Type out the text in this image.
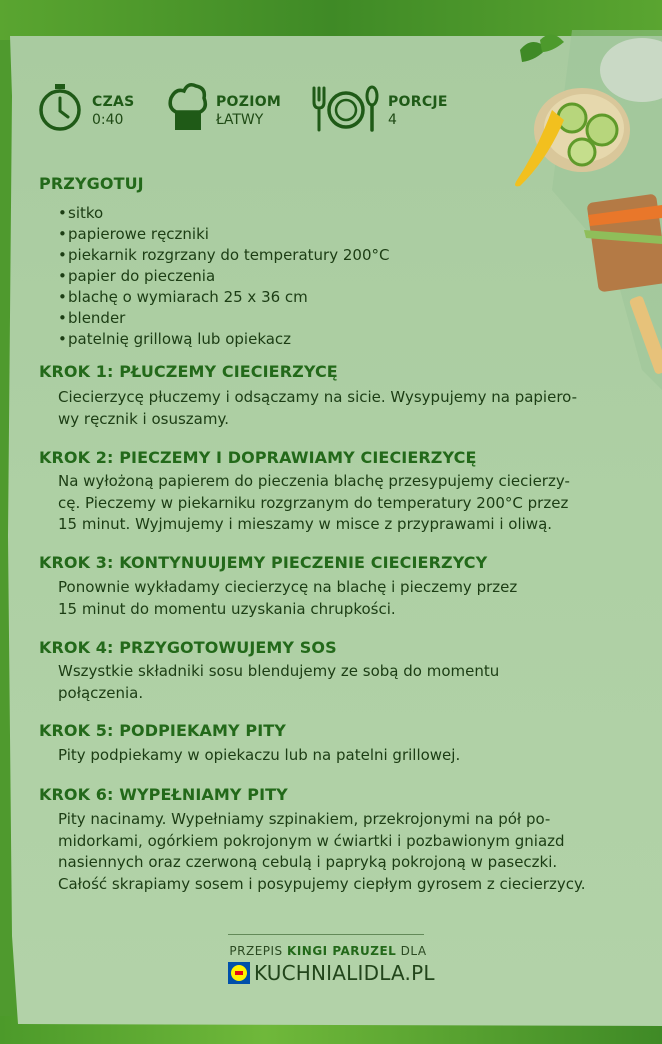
CZAS
0:40
POZIOM
ŁATWY
PORCJE
4
PRZYGOTUJ
•sitko
•papierowe ręczniki
•piekarnik rozgrzany do temperatury 200°C
•papier do pieczenia
•blachę o wymiarach 25 x 36 cm
•blender
•patelnię grillową lub opiekacz
KROK 1: PŁUCZEMY CIECIERZYCĘ

Ciecierzycę płuczemy i odsączamy na sicie. Wysypujemy na papiero-
wy ręcznik i osuszamy.

KROK 2: PIECZEMY I DOPRAWIAMY CIECIERZYCĘ

Na wyłożoną papierem do pieczenia blachę przesypujemy ciecierzy-
cę. Pieczemy w piekarniku rozgrzanym do temperatury 200°C przez
15 minut. Wyjmujemy i mieszamy w misce z przyprawami i oliwą.

KROK 3: KONTYNUUJEMY PIECZENIE CIECIERZYCY

Ponownie wykładamy ciecierzycę na blachę i pieczemy przez
15 minut do momentu uzyskania chrupkości.

KROK 4: PRZYGOTOWUJEMY SOS

Wszystkie składniki sosu blendujemy ze sobą do momentu
połączenia.

KROK 5: PODPIEKAMY PITY

Pity podpiekamy w opiekaczu lub na patelni grillowej.

KROK 6: WYPEŁNIAMY PITY

Pity nacinamy. Wypełniamy szpinakiem, przekrojonymi na pół po-
midorkami, ogórkiem pokrojonym w ćwiartki i pozbawionym gniazd
nasiennych oraz czerwoną cebulą i papryką pokrojoną w paseczki.
Całość skrapiamy sosem i posypujemy ciepłym gyrosem z ciecierzycy.

PRZEPIS KINGI PARUZEL DLA
KUCHNIALIDLA.PL
